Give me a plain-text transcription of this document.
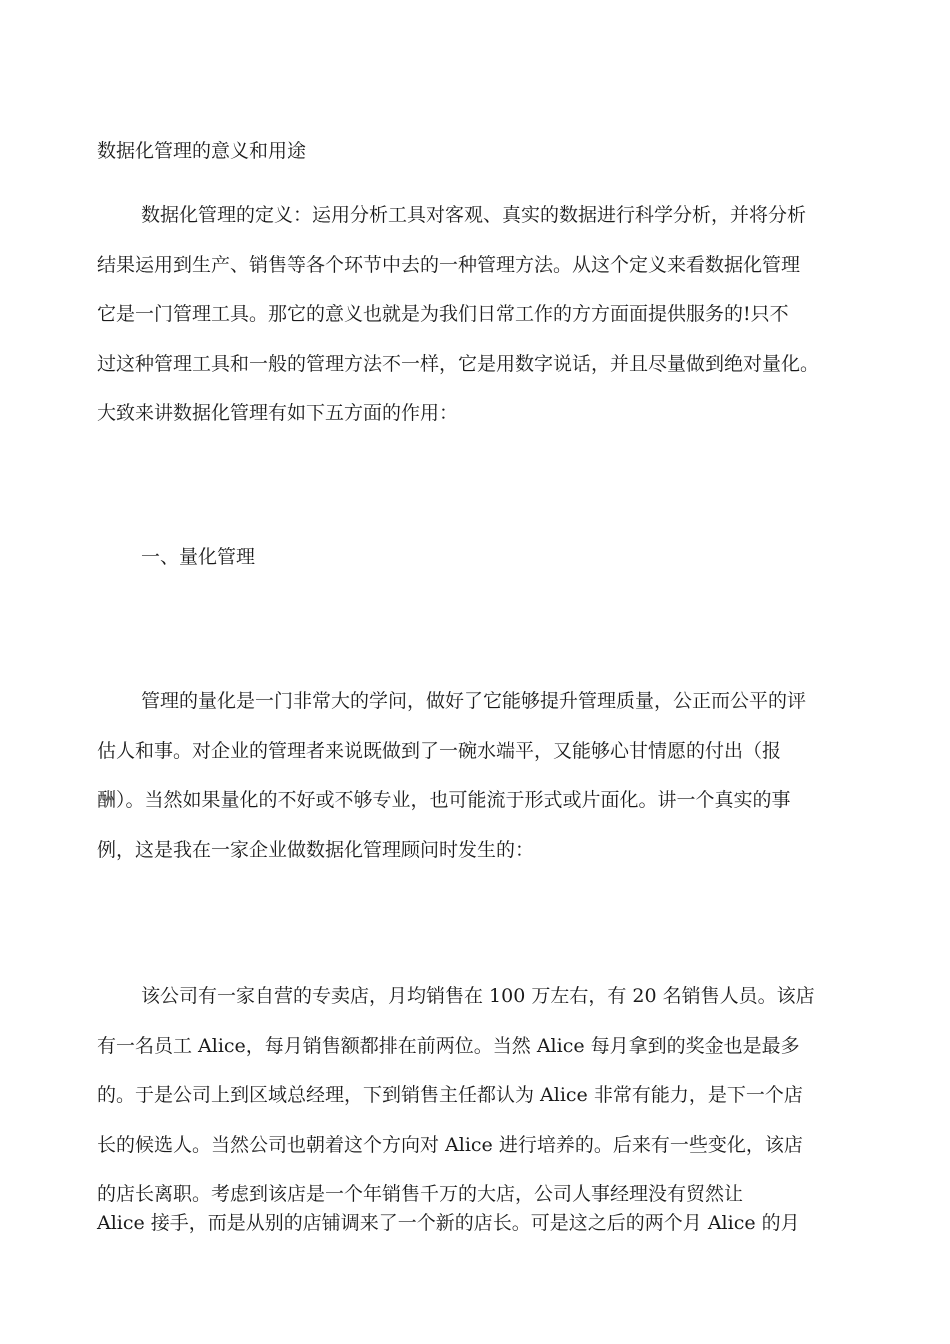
数据化管理的意义和用途
数据化管理的定义：运用分析工具对客观、真实的数据进行科学分析，并将分析
结果运用到生产、销售等各个环节中去的一种管理方法。从这个定义来看数据化管理
它是一门管理工具。那它的意义也就是为我们日常工作的方方面面提供服务的!只不
过这种管理工具和一般的管理方法不一样，它是用数字说话，并且尽量做到绝对量化。
大致来讲数据化管理有如下五方面的作用：
一、量化管理
管理的量化是一门非常大的学问，做好了它能够提升管理质量，公正而公平的评
估人和事。对企业的管理者来说既做到了一碗水端平，又能够心甘情愿的付出（报
酬）。当然如果量化的不好或不够专业，也可能流于形式或片面化。讲一个真实的事
例，这是我在一家企业做数据化管理顾问时发生的：
该公司有一家自营的专卖店，月均销售在 100 万左右，有 20 名销售人员。该店
有一名员工 Alice，每月销售额都排在前两位。当然 Alice 每月拿到的奖金也是最多
的。于是公司上到区域总经理，下到销售主任都认为 Alice 非常有能力，是下一个店
长的候选人。当然公司也朝着这个方向对 Alice 进行培养的。后来有一些变化，该店
的店长离职。考虑到该店是一个年销售千万的大店，公司人事经理没有贸然让
Alice 接手，而是从别的店铺调来了一个新的店长。可是这之后的两个月 Alice 的月
